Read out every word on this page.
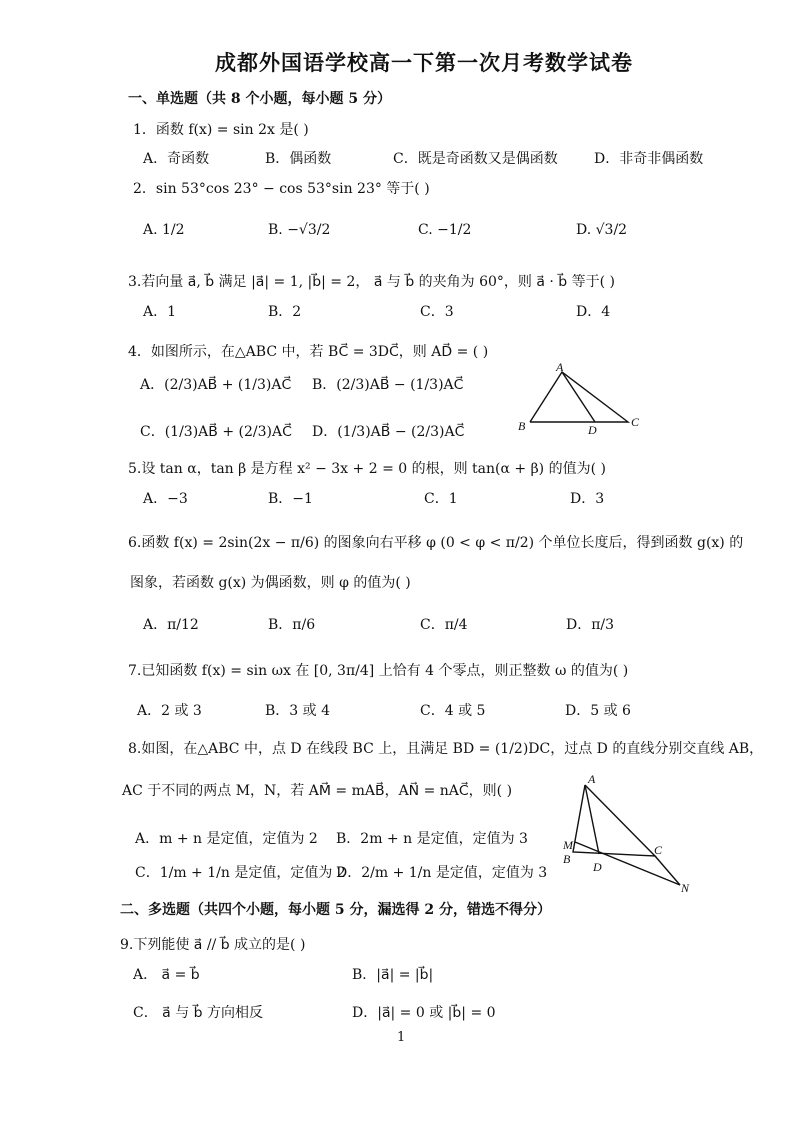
成都外国语学校高一下第一次月考数学试卷
一、单选题（共 8 个小题，每小题 5 分）
1．函数 f(x) = sin 2x 是( )
A．奇函数	B．偶函数	C．既是奇函数又是偶函数	D．非奇非偶函数
2．sin 53°cos 23° − cos 53°sin 23° 等于( )
A. 1/2	B. −√3/2	C. −1/2	D. √3/2
3.若向量 a⃗, b⃗ 满足 |a⃗| = 1, |b⃗| = 2， a⃗ 与 b⃗ 的夹角为 60°，则 a⃗ · b⃗ 等于( )
A．1	B．2	C．3	D．4
4．如图所示，在△ABC 中，若 BC⃗ = 3DC⃗，则 AD⃗ = ( )
A．(2/3)AB⃗ + (1/3)AC⃗ B．(2/3)AB⃗ − (1/3)AC⃗
C．(1/3)AB⃗ + (2/3)AC⃗ D．(1/3)AB⃗ − (2/3)AC⃗
A
B	D
C
5.设 tan α，tan β 是方程 x² − 3x + 2 = 0 的根，则 tan(α + β) 的值为( )
A．−3	B．−1	C．1	D．3
6.函数 f(x) = 2sin(2x − π/6) 的图象向右平移 φ (0 < φ < π/2) 个单位长度后，得到函数 g(x) 的
图象，若函数 g(x) 为偶函数，则 φ 的值为( )
A．π/12	B．π/6	C．π/4	D．π/3
7.已知函数 f(x) = sin ωx 在 [0, 3π/4] 上恰有 4 个零点，则正整数 ω 的值为( )
A．2 或 3	B．3 或 4	C．4 或 5	D．5 或 6
8.如图，在△ABC 中，点 D 在线段 BC 上，且满足 BD = (1/2)DC，过点 D 的直线分别交直线 AB，
AC 于不同的两点 M，N，若 AM⃗ = mAB⃗，AN⃗ = nAC⃗，则( )
A．m + n 是定值，定值为 2 B．2m + n 是定值，定值为 3
C．1/m + 1/n 是定值，定值为 2
D．2/m + 1/n 是定值，定值为 3
A
M
B
D
C
N
二、多选题（共四个小题，每小题 5 分，漏选得 2 分，错选不得分）
9.下列能使 a⃗ // b⃗ 成立的是( )
A． a⃗ = b⃗	B．|a⃗| = |b⃗|
C． a⃗ 与 b⃗ 方向相反	D．|a⃗| = 0 或 |b⃗| = 0
1
